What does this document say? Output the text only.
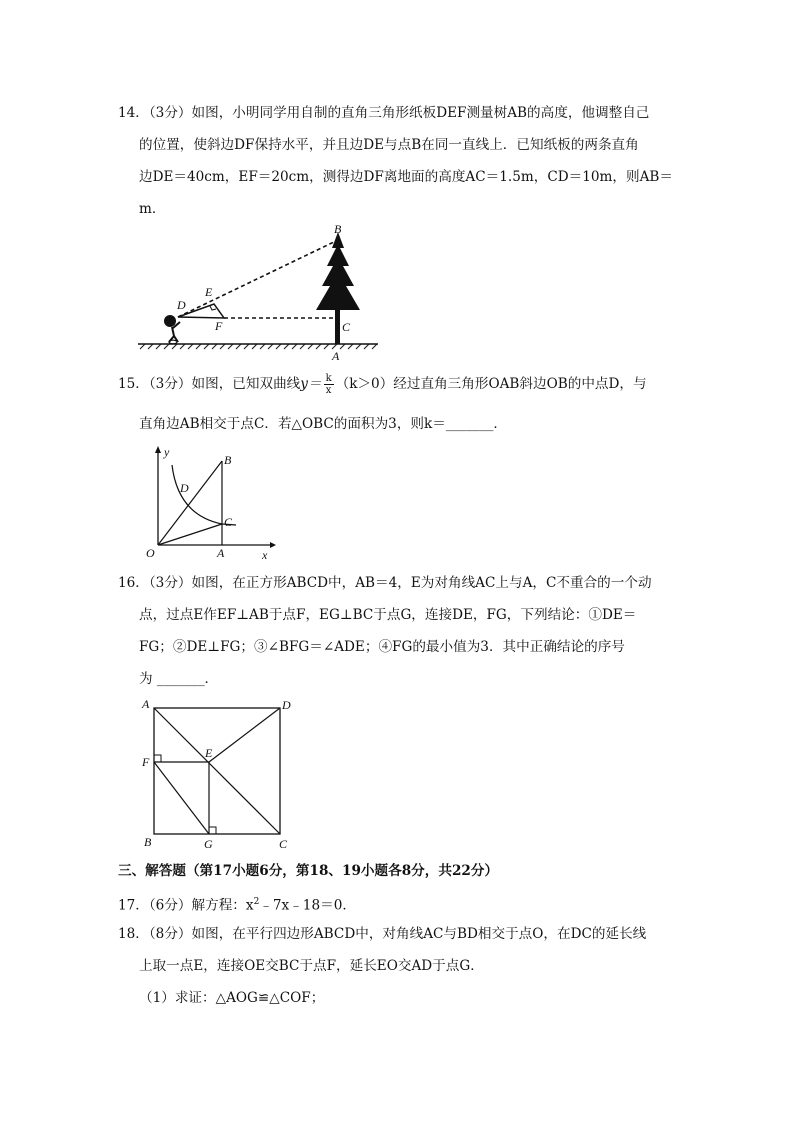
14．（3分）如图，小明同学用自制的直角三角形纸板DEF测量树AB的高度，他调整自己
的位置，使斜边DF保持水平，并且边DE与点B在同一直线上．已知纸板的两条直角
边DE＝40cm，EF＝20cm，测得边DF离地面的高度AC＝1.5m，CD＝10m，则AB＝
m．
B
E
D
F	C
A
15．（3分）如图，已知双曲线$y= \frac{k}{x} (k>0)$经过直角三角形OAB斜边OB的中点D，与
直角边AB相交于点C．若△OBC的面积为3，则k＝_______．
y
x
B
D
C
O	A
16．（3分）如图，在正方形ABCD中，AB＝4，E为对角线AC上与A，C不重合的一个动
点，过点E作EF⊥AB于点F，EG⊥BC于点G，连接DE，FG，下列结论：①DE＝
FG；②DE⊥FG；③∠BFG＝∠ADE；④FG的最小值为3．其中正确结论的序号
为 _______．
A	D
E
F
B	G	C
三、解答题（第17小题6分，第18、19小题各8分，共22分）
17．（6分）解方程：$x^2﹣7x﹣18=0$．
18．（8分）如图，在平行四边形ABCD中，对角线AC与BD相交于点O，在DC的延长线
上取一点E，连接OE交BC于点F，延长EO交AD于点G．
（1）求证：△AOG≌△COF；
